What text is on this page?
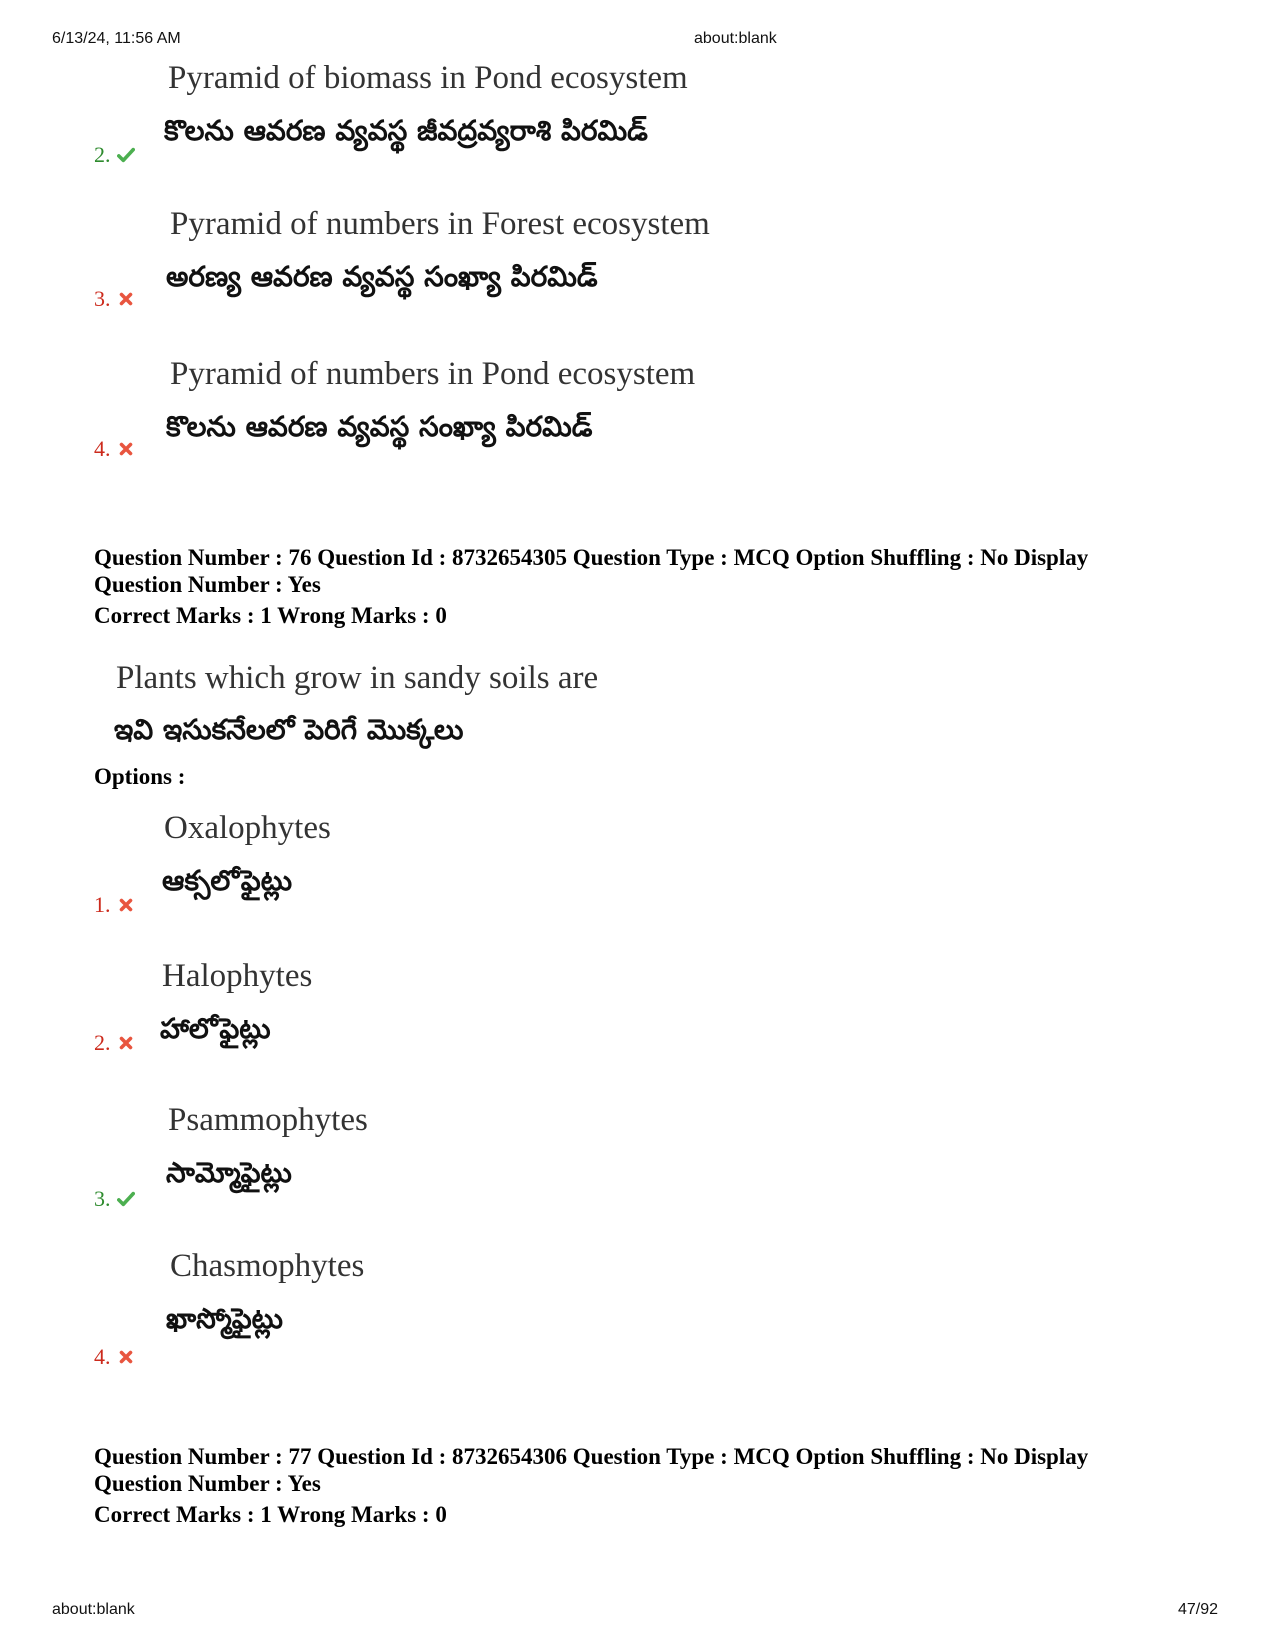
6/13/24, 11:56 AM	about:blank
Pyramid of biomass in Pond ecosystem
కొలను ఆవరణ వ్యవస్థ జీవద్రవ్యరాశి పిరమిడ్
2.
Pyramid of numbers in Forest ecosystem
అరణ్య ఆవరణ వ్యవస్థ సంఖ్యా పిరమిడ్
3.
Pyramid of numbers in Pond ecosystem
కొలను ఆవరణ వ్యవస్థ సంఖ్యా పిరమిడ్
4.
Question Number : 76 Question Id : 8732654305 Question Type : MCQ Option Shuffling : No Display
Question Number : Yes
Correct Marks : 1 Wrong Marks : 0
Plants which grow in sandy soils are
ఇవి ఇసుకనేలలో పెరిగే మొక్కలు
Options :
Oxalophytes
ఆక్సలోఫైట్లు
1.
Halophytes
హాలోఫైట్లు
2.
Psammophytes
సామ్మోఫైట్లు
3.
Chasmophytes
ఖాస్మోఫైట్లు
4.
Question Number : 77 Question Id : 8732654306 Question Type : MCQ Option Shuffling : No Display
Question Number : Yes
Correct Marks : 1 Wrong Marks : 0
about:blank	47/92
